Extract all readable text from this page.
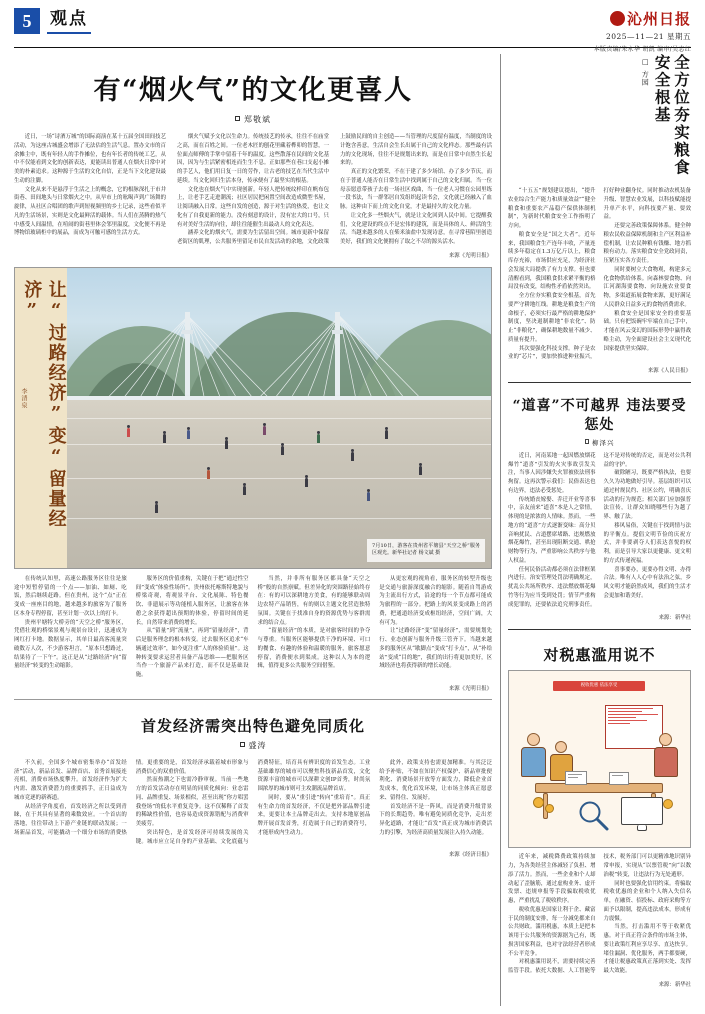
5	观点	沁州日报
2025—11—21 星期五
本版责编/朱永华 胡凯 编审/吴志红
有“烟火气”的文化更喜人
郑敬斌

近日，一场“诗酒万城”的国际商演在某十五届全国田间技艺活动，为这座古城盛会增添了无法估的生活气息。置办文市的百余摊主中，既有年轻人的手作摊位，也有年长者的传统工艺，从中不仅能看到文化的创新表达，更能读出普通人在烟火日常中对美的朴素追求。这种源于生活的文化自信，正是当下文化建设最生动的注脚。

文化从来不是悬浮于生活之上的概念，它的根脉深扎于市井街巷、田间地头与日常烟火之中。从早市上的吆喝声到广场舞的旋律，从社区合唱团的歌声到短视频里的乡土记录，这些看似平凡的生活场景，实则是文化最鲜活的载体。当人们在蒸腾的热气中感受人间温情，在喧闹的街巷里体会邻里温度，文化便不再是博物馆玻璃柜中的展品，而成为可触可感的生活方式。

烟火气赋予文化以生命力。传统技艺的传承，往往不在庙堂之高，而在百姓之间。一位老木匠的刨花里藏着榫卯的智慧，一位面点师傅的手掌中留着千年的温度。这些散落在民间的文化基因，因为与生活紧密相连而生生不息。正如那些在巷口支起小摊的手艺人，他们用日复一日的劳作，让古老的技艺在当代生活中延续。当文化回归生活本身，传承便有了最坚实的根基。

文化也在烟火气中实现创新。年轻人把传统纹样印在帆布包上，让老手艺走进潮流；社区居民把闲置空间改造成微型书屋，让阅读融入日常。这些自发的创造，源于对生活的热爱，也让文化有了自我更新的能力。没有刻意的设计，没有宏大的口号，只有对美好生活的向往，却往往能催生出最动人的文化表达。

涵养文化的烟火气，需要为生活留出空间。城市更新中保留老街区的肌理，公共服务里留足市民自发活动的余地，文化政策上鼓励民间的自主创造——当管理的尺度留有温度，当制度的设计饱含善意，生活自会生长出属于自己的文化样态。那些最有活力的文化现场，往往不是规划出来的，而是在日常中自然生长起来的。

真正的文化繁荣，不在于建了多少场馆、办了多少节庆，而在于普通人能否在日常生活中找到属于自己的文化归属。当一位母亲愿意带孩子去看一场社区戏曲，当一位老人习惯在公园里练一段书法，当一群邻居自发组织起读书会，文化就已经融入了血脉。这种由下而上的文化自觉，才是最持久的文化力量。

让文化多一些烟火气，就是让文化回到人民中间。它提醒我们，文化建设的终点不是宏伟的建筑，而是具体的人、鲜活的生活。当越来越多的人在柴米油盐中发现诗意，在寻常巷陌里创造美好，我们的文化便拥有了取之不尽的源头活水。

来源《光明日报》
让“过路经济”变“留量经济”
李清泉
7月10日，游客在贵州省平塘县“天空之桥”服务区观光。新华社记者 杨文斌 摄

在传统认知里，高速公路服务区往往是旅途中短暂停留的一个点——加油、如厕、吃饭，然后继续赶路。但在贵州，这个“点”正在变成一座座目的地，越来越多的旅客为了服务区本身专程停留，甚至计划一次以上的打卡。

贵州平塘特大桥旁的“天空之桥”服务区，凭借壮观的桥梁景观与观景台设计，迅速成为网红打卡地。数据显示，其单日最高客流量突破数万人次，不少游客坦言，“原本只想路过，结果待了一下午”。这正是从“过路经济”向“留量经济”转变的生动缩影。

服务区的价值重构，关键在于把“通过性空间”变成“体验性场所”。贵州依托喀斯特地貌与桥梁奇观，将观景平台、文化展陈、特色餐饮、非遗展示等功能植入服务区，让旅客在休憩之余获得超出预期的体验，停留时间的延长，自然带来消费的增长。

从“留量”到“流量”，再到“留量经济”，背后是服务理念的根本转变。过去服务区追求“车辆通过效率”，如今更注重“人的体验质量”。这种转变要求运营者具备产品思维——把服务区当作一个旅游产品来打造，而不仅是基础设施。

当然，并非所有服务区都具备“天空之桥”般的自然禀赋。但差异化的突围路径始终存在：有的可以深耕地方美食，有的能够联动周边农特产品销售，有的则以主题文化营造独特氛围。关键在于找准自身的资源优势与客群需求的结合点。

“留量经济”的本质，是对旅客时间的争夺与尊重。当服务区能够提供干净的环境、可口的餐食、有趣的体验和温暖的服务，旅客愿意停留，消费便水到渠成。这种以人为本的逻辑，值得更多公共服务空间借鉴。

从更宏观的视角看，服务区的转型升级也是交通与旅游深度融合的缩影。随着自驾游成为主流出行方式，沿途的每一个节点都可能成为旅程的一部分。把路上的风景变成路上的消费，把通道经济变成枢纽经济，空间广阔，大有可为。

让“过路经济”变“留量经济”，需要规划先行、业态创新与服务升级三管齐下。当越来越多的服务区从“歇脚点”变成“打卡点”，从“补给站”变成“目的地”，我们的出行将更加美好，区域经济也将获得新的增长动能。

来源《光明日报》
首发经济需突出特色避免同质化
盛涛

不久前，全国多个城市密集举办“首发经济”活动，新品首发、品牌首店、首秀首展接连亮相，消费市场热度攀升。首发经济作为扩大内需、激发消费潜力的重要抓手，正日益成为城市竞逐的新赛道。

从经济学角度看，首发经济之所以受到青睐，在于其具有显著的乘数效应。一个首店的落地，往往带动上下游产业链的联动发展；一场新品首发，可能撬动一个细分市场的消费热情。更重要的是，首发经济承载着城市形象与消费信心的双重价值。

然而热潮之下也需冷静审视。当前一些地方的首发活动存在明显的同质化倾向：业态雷同、品牌重复、场景相似，甚至出现“你方唱罢我登场”的低水平重复竞争。这不仅稀释了首发的稀缺性价值，也容易造成资源错配与消费审美疲劳。

突出特色，是首发经济可持续发展的关键。城市应立足自身的产业基础、文化底蕴与消费特征，培育具有辨识度的首发生态。工业基础雄厚的城市可以聚焦科技新品首发，文化资源丰富的城市可以深耕文创IP首秀，时尚氛围浓厚的城市则可主攻潮流品牌首店。

同时，要从“重引进”转向“重培育”。真正有生命力的首发经济，不仅是把外部品牌引进来，更要让本土品牌走出去。支持本地原创品牌开展首发首秀，打造属于自己的消费符号，才能形成内生动力。

此外，政策支持也需更加精准。与其泛泛给予补贴，不如在知识产权保护、新品审批便利化、消费场景开放等方面发力，降低企业首发成本，优化首发环境，让市场主体真正愿意来、留得住、发展好。

首发经济不是一阵风，而是消费升级背景下的长期趋势。唯有避免同质化竞争，走出差异化道路，才能让“首发”真正成为城市消费活力的引擎，为经济高质量发展注入持久动能。

来源《经济日报》
□ 方园	全方位夯实粮食安全根基

“十五五”规划建议提出，“提升农业综合生产能力和质量效益”“健全粮食和重要农产品稳产保供体制机制”，为新时代粮食安全工作指明了方向。

粮食安全是“国之大者”。近年来，我国粮食生产连年丰收，产量连续多年稳定在1.3万亿斤以上，粮食库存充裕，市场供应充足，为经济社会发展大局提供了有力支撑。但也要清醒看到，我国粮食供求紧平衡的格局没有改变，结构性矛盾依然突出。

全方位夯实粮食安全根基，首先要严守耕地红线。耕地是粮食生产的命根子，必须实行最严格的耕地保护制度，坚决遏制耕地“非农化”、防止“非粮化”，确保耕地数量不减少、质量有提升。

其次要强化科技支撑。种子是农业的“芯片”，要加快推进种业振兴，打好种业翻身仗。同时推动农机装备升级、智慧农业发展，以科技赋能提升单产水平，向科技要产量、要效益。

还要完善政策保障体系。健全种粮农民收益保障机制和主产区利益补偿机制，让农民种粮有钱赚、地方抓粮有动力。落实粮食安全党政同责，压紧压实各方责任。

同时要树立大食物观，构建多元化食物供给体系。向森林要食物、向江河湖海要食物、向设施农业要食物，多渠道拓展食物来源，更好满足人民群众日益多元的食物消费需求。

粮食安全是国家安全的重要基础。只有把饭碗牢牢端在自己手中，才能在风云变幻的国际形势中赢得战略主动，为全面建设社会主义现代化国家提供坚实保障。

来源《人民日报》
“道喜”不可越界 违法要受惩处
柳泽兴

近日，河南某地一起因燃放烟花爆竹“道喜”引发的火灾事故引发关注，当事人因涉嫌失火罪被依法刑事拘留。这再次警示我们：民俗表达也有边界，违法必受惩处。

传统婚丧嫁娶、乔迁开业等喜事中，亲友前来“道喜”本是人之常情，体现的是浓浓的人情味。然而，一些地方的“道喜”方式逐渐变味：高分贝音响扰民、占道摆席堵路、违规燃放烟花爆竹，甚至出现阻断交通、哄抢财物等行为，严重影响公共秩序与他人权益。

任何民俗活动都必须在法律框架内进行。治安管理处罚法明确规定，扰乱公共场所秩序、违法燃放烟花爆竹等行为应当受到处罚；情节严重构成犯罪的，还要依法追究刑事责任。这不是对传统的否定，而是对公共利益的守护。

破除陋习，既要严格执法，也要久久为功地做好引导。基层组织可以通过村规民约、社区公约，明确喜庆活动的行为规范；相关部门应加强普法宣传，让群众知晓哪些行为越了界、触了法。

移风易俗，关键在于找到情与法的平衡点。提倡文明节俭的庆祝方式，并非要剥夺人们表达喜悦的权利，而是引导大家以更健康、更文明的方式传递祝福。

喜事要办，更要办得文明、办得合法。唯有人人心中有法治之弦，乡风文明才能蔚然成风，我们的生活才会更加和谐美好。

来源：新华社
对税惠滥用说不
税收优惠 依法享受

近年来，减税降费政策持续加力，为各类经营主体减轻了负担、增添了活力。然而，一些企业和个人却动起了歪脑筋，通过虚构业务、虚开发票、违规申报等手段骗取税收优惠，严重扰乱了税收秩序。

税收优惠是国家让利于企、藏富于民的制度安排，每一分减免都来自公共财政。滥用税惠，本质上是把本该用于公共服务的资源据为己有，既损害国家利益，也对守法经营者形成不公平竞争。

对税惠滥用说不，需要持续完善监管手段。依托大数据、人工智能等技术，税务部门可以更精准地识别异常申报，实现从“以票管税”向“以数治税”转变，让违法行为无处遁形。

同时也要强化信用约束。将骗取税收优惠的企业和个人纳入失信名单，在融资、招投标、政府采购等方面予以限制，提高违法成本，形成有力震慑。

当然，打击滥用不等于收紧优惠。对于真正符合条件的市场主体，要让政策红利应享尽享、直达快享。堵住漏洞、优化服务，两手都要硬，才能让税惠政策真正落到实处、发挥最大效能。

来源：新华社
